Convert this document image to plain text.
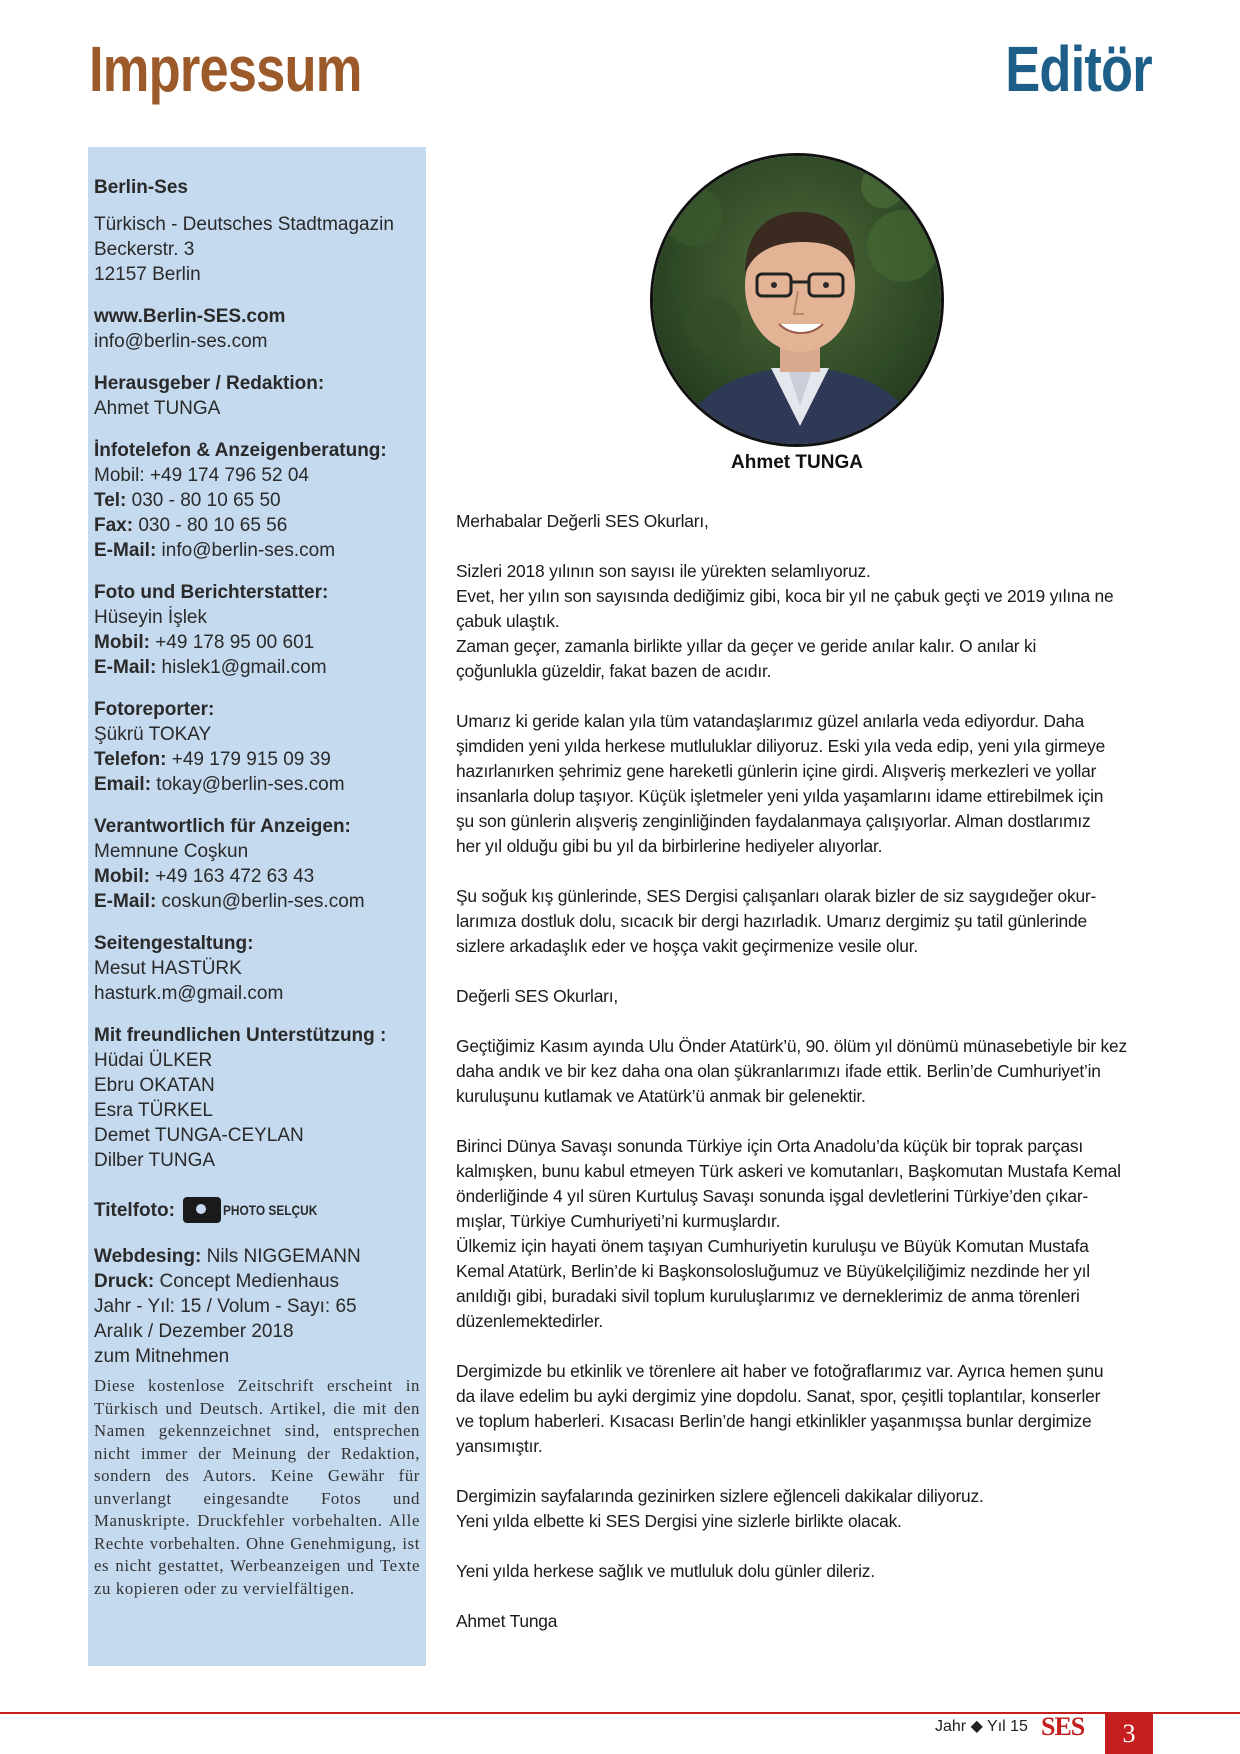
Impressum	Editör
Berlin-Ses
Türkisch - Deutsches Stadtmagazin
Beckerstr. 3
12157 Berlin
www.Berlin-SES.com
info@berlin-ses.com
Herausgeber / Redaktion:
Ahmet TUNGA
İnfotelefon & Anzeigenberatung:
Mobil: +49 174 796 52 04
Tel: 030 - 80 10 65 50
Fax: 030 - 80 10 65 56
E-Mail: info@berlin-ses.com
Foto und Berichterstatter:
Hüseyin İşlek
Mobil: +49 178 95 00 601
E-Mail: hislek1@gmail.com
Fotoreporter:
Şükrü TOKAY
Telefon: +49 179 915 09 39
Email: tokay@berlin-ses.com
Verantwortlich für Anzeigen:
Memnune Coşkun
Mobil: +49 163 472 63 43
E-Mail: coskun@berlin-ses.com
Seitengestaltung:
Mesut HASTÜRK
hasturk.m@gmail.com
Mit freundlichen Unterstützung :
Hüdai ÜLKER
Ebru OKATAN
Esra TÜRKEL
Demet TUNGA-CEYLAN
Dilber TUNGA
Titelfoto:	PHOTO SELÇUK
Webdesing: Nils NIGGEMANN
Druck: Concept Medienhaus
Jahr - Yıl: 15 / Volum - Sayı: 65
Aralık / Dezember 2018
zum Mitnehmen

Diese kostenlose Zeitschrift erscheint in Türkisch und Deutsch. Artikel, die mit den Namen gekennzeichnet sind, entsprechen nicht immer der Meinung der Redaktion, sondern des Autors. Keine Gewähr für unverlangt eingesandte Fotos und Manuskripte. Druckfehler vorbehalten. Alle Rechte vorbehalten. Ohne Genehmigung, ist es nicht gestattet, Werbeanzeigen und Texte zu kopieren oder zu vervielfältigen.

Ahmet TUNGA

Merhabalar Değerli SES Okurları,

Sizleri 2018 yılının son sayısı ile yürekten selamlıyoruz.
Evet, her yılın son sayısında dediğimiz gibi, koca bir yıl ne çabuk geçti ve 2019 yılına ne
çabuk ulaştık.
Zaman geçer, zamanla birlikte yıllar da geçer ve geride anılar kalır. O anılar ki
çoğunlukla güzeldir, fakat bazen de acıdır.

Umarız ki geride kalan yıla tüm vatandaşlarımız güzel anılarla veda ediyordur. Daha
şimdiden yeni yılda herkese mutluluklar diliyoruz. Eski yıla veda edip, yeni yıla girmeye
hazırlanırken şehrimiz gene hareketli günlerin içine girdi. Alışveriş merkezleri ve yollar
insanlarla dolup taşıyor. Küçük işletmeler yeni yılda yaşamlarını idame ettirebilmek için
şu son günlerin alışveriş zenginliğinden faydalanmaya çalışıyorlar. Alman dostlarımız
her yıl olduğu gibi bu yıl da birbirlerine hediyeler alıyorlar.

Şu soğuk kış günlerinde, SES Dergisi çalışanları olarak bizler de siz saygıdeğer okur-
larımıza dostluk dolu, sıcacık bir dergi hazırladık. Umarız dergimiz şu tatil günlerinde
sizlere arkadaşlık eder ve hoşça vakit geçirmenize vesile olur.

Değerli SES Okurları,

Geçtiğimiz Kasım ayında Ulu Önder Atatürk’ü, 90. ölüm yıl dönümü münasebetiyle bir kez
daha andık ve bir kez daha ona olan şükranlarımızı ifade ettik. Berlin’de Cumhuriyet’in
kuruluşunu kutlamak ve Atatürk’ü anmak bir gelenektir.

Birinci Dünya Savaşı sonunda Türkiye için Orta Anadolu’da küçük bir toprak parçası
kalmışken, bunu kabul etmeyen Türk askeri ve komutanları, Başkomutan Mustafa Kemal
önderliğinde 4 yıl süren Kurtuluş Savaşı sonunda işgal devletlerini Türkiye’den çıkar-
mışlar, Türkiye Cumhuriyeti’ni kurmuşlardır.
Ülkemiz için hayati önem taşıyan Cumhuriyetin kuruluşu ve Büyük Komutan Mustafa
Kemal Atatürk, Berlin’de ki Başkonsolosluğumuz ve Büyükelçiliğimiz nezdinde her yıl
anıldığı gibi, buradaki sivil toplum kuruluşlarımız ve derneklerimiz de anma törenleri
düzenlemektedirler.

Dergimizde bu etkinlik ve törenlere ait haber ve fotoğraflarımız var. Ayrıca hemen şunu
da ilave edelim bu ayki dergimiz yine dopdolu. Sanat, spor, çeşitli toplantılar, konserler
ve toplum haberleri. Kısacası Berlin’de hangi etkinlikler yaşanmışsa bunlar dergimize
yansımıştır.

Dergimizin sayfalarında gezinirken sizlere eğlenceli dakikalar diliyoruz.
Yeni yılda elbette ki SES Dergisi yine sizlerle birlikte olacak.

Yeni yılda herkese sağlık ve mutluluk dolu günler dileriz.

Ahmet Tunga

Jahr ◆ Yıl 15 SES	3
